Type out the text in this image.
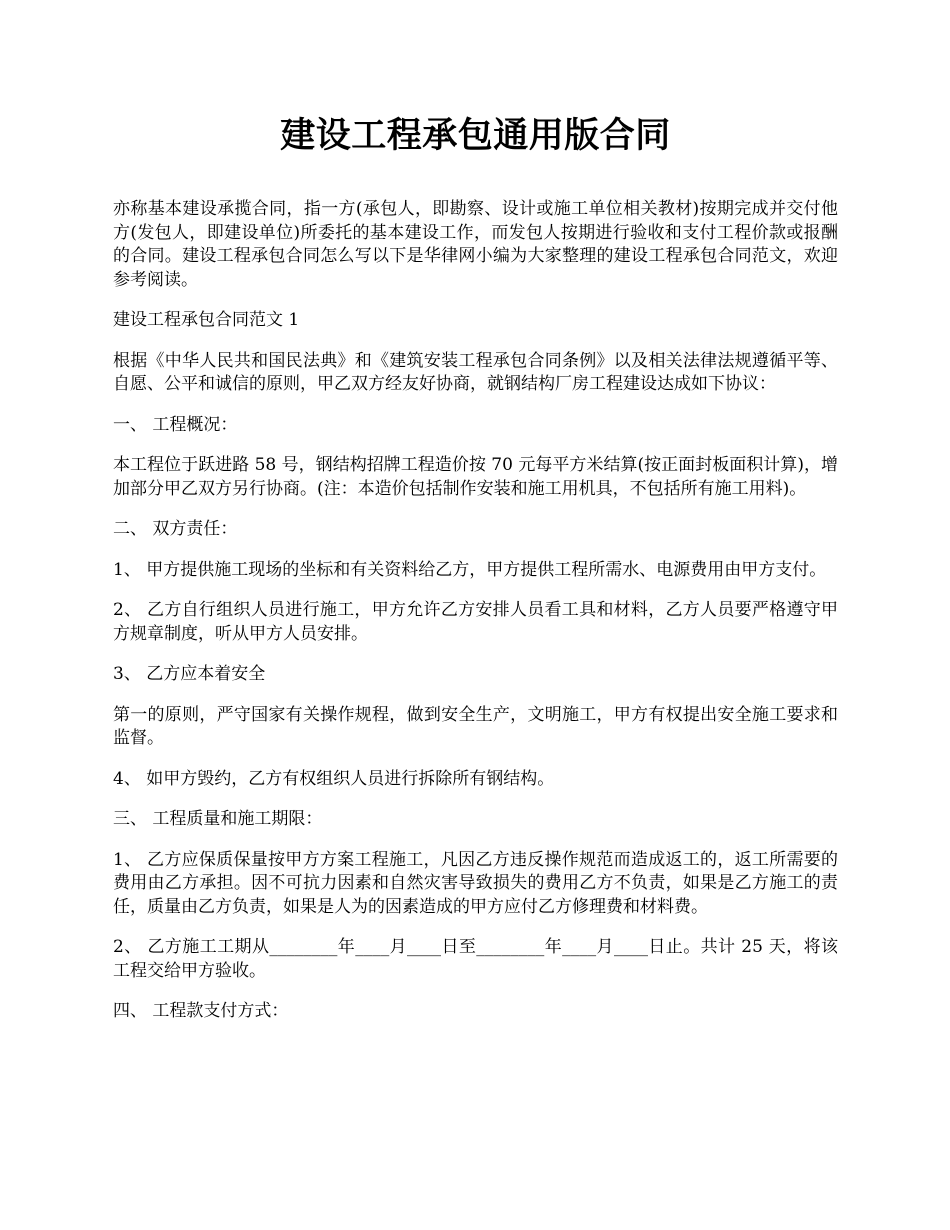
建设工程承包通用版合同

亦称基本建设承揽合同，指一方(承包人，即勘察、设计或施工单位相关教材)按期完成并交付他方(发包人，即建设单位)所委托的基本建设工作，而发包人按期进行验收和支付工程价款或报酬的合同。建设工程承包合同怎么写以下是华律网小编为大家整理的建设工程承包合同范文，欢迎参考阅读。

建设工程承包合同范文 1

根据《中华人民共和国民法典》和《建筑安装工程承包合同条例》以及相关法律法规遵循平等、自愿、公平和诚信的原则，甲乙双方经友好协商，就钢结构厂房工程建设达成如下协议：

一、 工程概况：

本工程位于跃进路 58 号，钢结构招牌工程造价按 70 元每平方米结算(按正面封板面积计算)，增加部分甲乙双方另行协商。(注：本造价包括制作安装和施工用机具，不包括所有施工用料)。

二、 双方责任：

1、 甲方提供施工现场的坐标和有关资料给乙方，甲方提供工程所需水、电源费用由甲方支付。

2、 乙方自行组织人员进行施工，甲方允许乙方安排人员看工具和材料，乙方人员要严格遵守甲方规章制度，听从甲方人员安排。

3、 乙方应本着安全

第一的原则，严守国家有关操作规程，做到安全生产，文明施工，甲方有权提出安全施工要求和监督。

4、 如甲方毁约，乙方有权组织人员进行拆除所有钢结构。

三、 工程质量和施工期限：

1、 乙方应保质保量按甲方方案工程施工，凡因乙方违反操作规范而造成返工的，返工所需要的费用由乙方承担。因不可抗力因素和自然灾害导致损失的费用乙方不负责，如果是乙方施工的责任，质量由乙方负责，如果是人为的因素造成的甲方应付乙方修理费和材料费。

2、 乙方施工工期从________年____月____日至________年____月____日止。共计 25 天，将该工程交给甲方验收。

四、 工程款支付方式：
